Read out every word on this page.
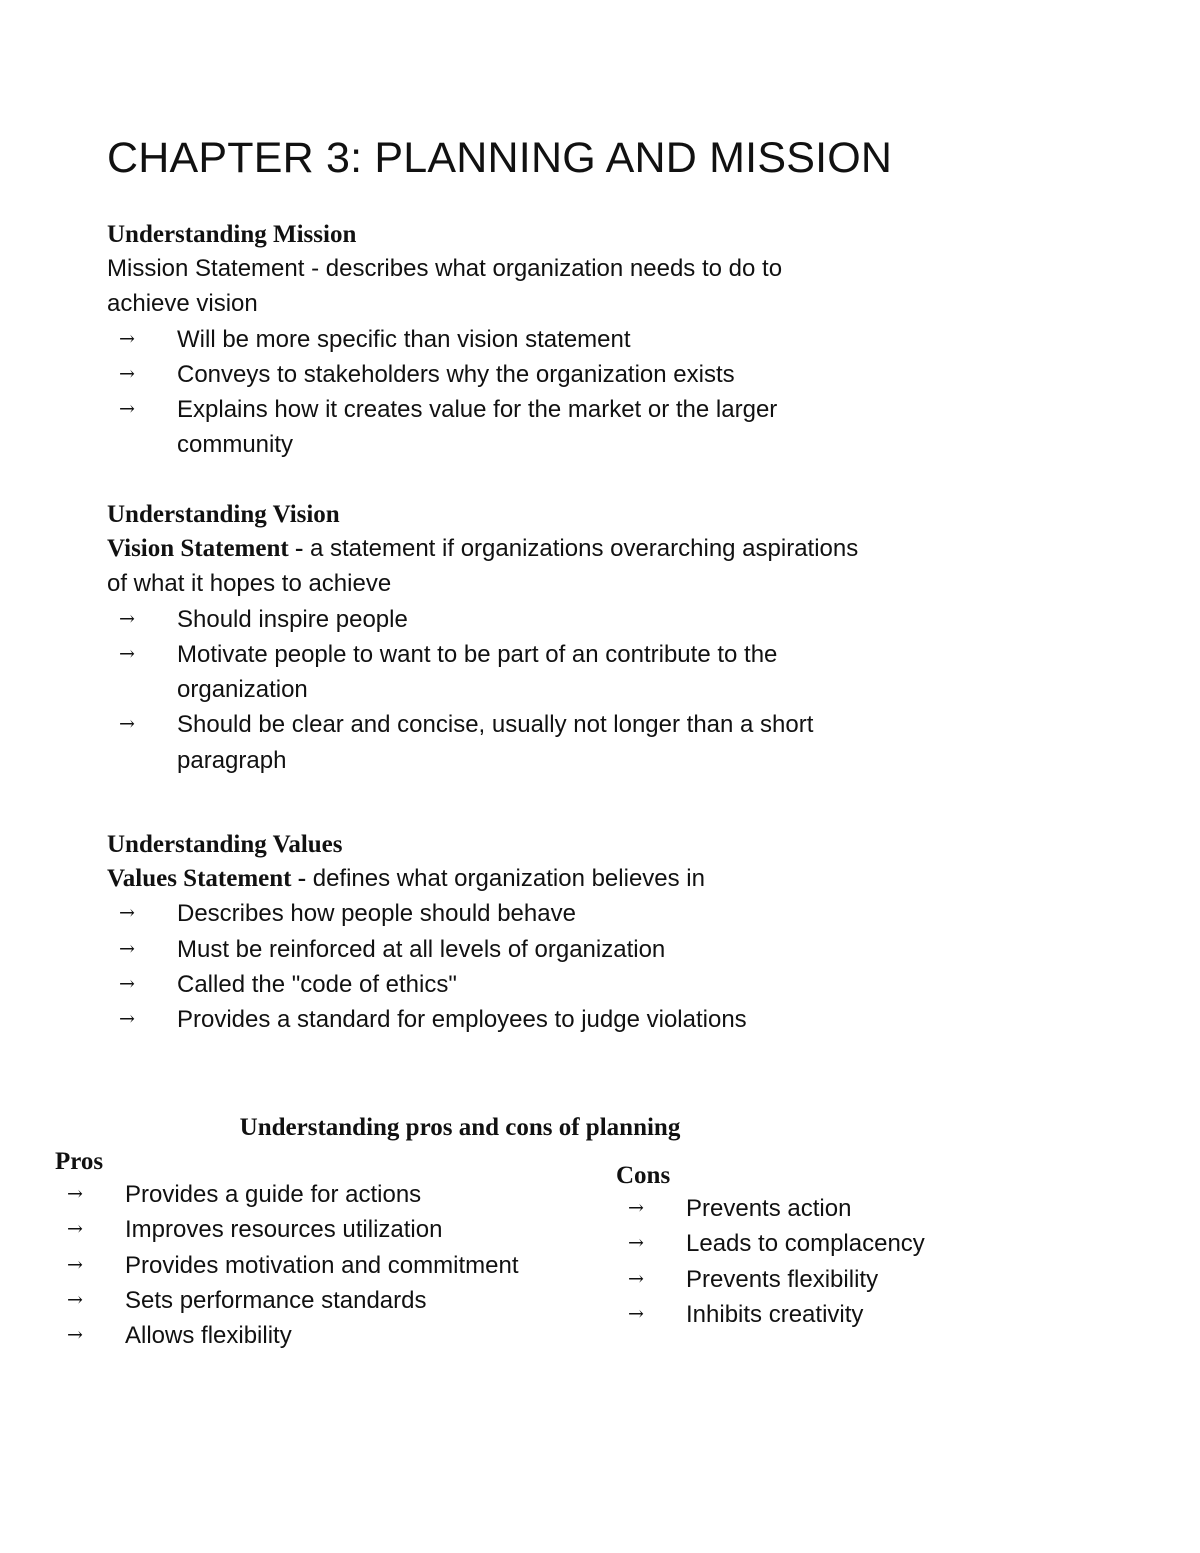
CHAPTER 3: PLANNING AND MISSION
Understanding Mission
Mission Statement - describes what organization needs to do to achieve vision
→ Will be more specific than vision statement
→ Conveys to stakeholders why the organization exists
→ Explains how it creates value for the market or the larger community
Understanding Vision
Vision Statement - a statement if organizations overarching aspirations of what it hopes to achieve
→ Should inspire people
→ Motivate people to want to be part of an contribute to the organization
→ Should be clear and concise, usually not longer than a short paragraph
Understanding Values
Values Statement - defines what organization believes in
→ Describes how people should behave
→ Must be reinforced at all levels of organization
→ Called the "code of ethics"
→ Provides a standard for employees to judge violations
Understanding pros and cons of planning
Pros
→ Provides a guide for actions
→ Improves resources utilization
→ Provides motivation and commitment
→ Sets performance standards
→ Allows flexibility
Cons
→ Prevents action
→ Leads to complacency
→ Prevents flexibility
→ Inhibits creativity
